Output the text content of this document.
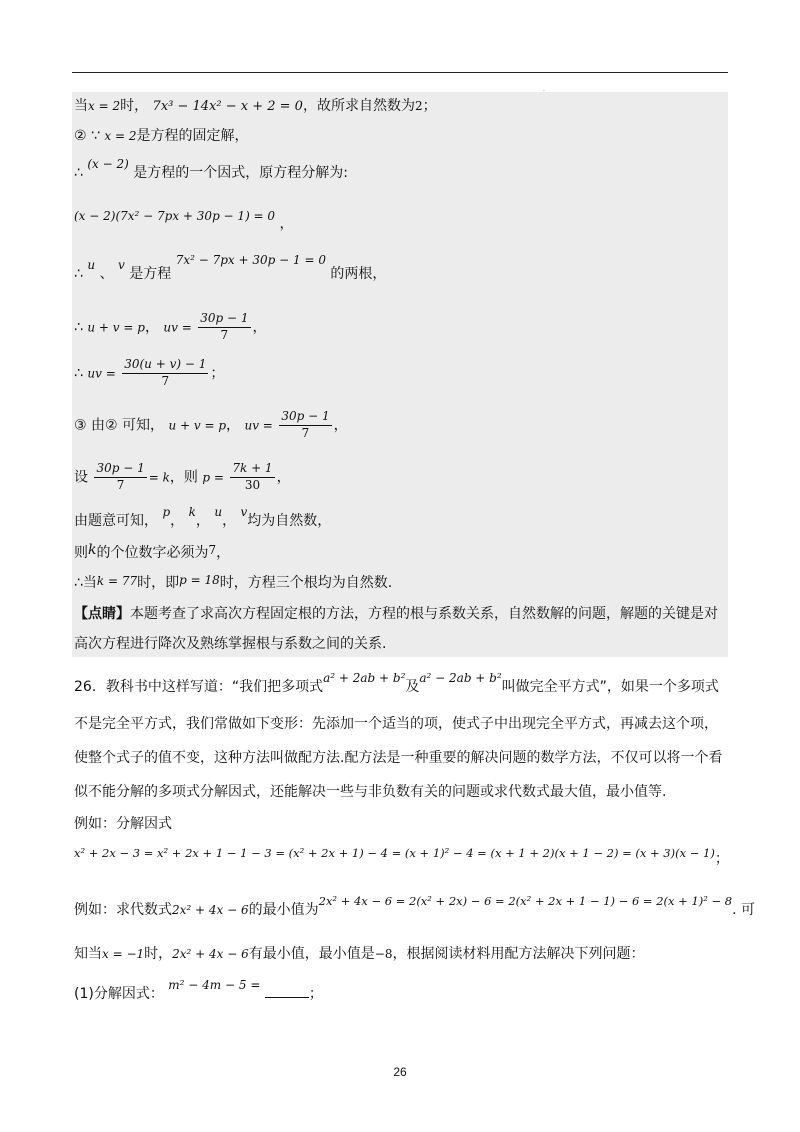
.
当x = 2时， 7x³ − 14x² − x + 2 = 0，故所求自然数为2；
② ∵ x = 2是方程的固定解，
∴ (x − 2) 是方程的一个因式，原方程分解为:
(x − 2)(7x² − 7px + 30p − 1) = 0 ，
∴ u 、 v 是方程 7x² − 7px + 30p − 1 = 0 的两根，
∴ u + v = p， uv = $\frac{30p - 1}{7}$ ，
∴ uv = $\frac{30(u + v) - 1}{7}$ ；
③ 由② 可知， u + v = p， uv = $\frac{30p - 1}{7}$ ，
设 $\frac{30p - 1}{7} = k$，则 $p = \frac{7k + 1}{30}$ ，
由题意可知， p， k， u， v均为自然数，
则k的个位数字必须为7，
∴当k = 77时，即p = 18时，方程三个根均为自然数.
【点睛】本题考查了求高次方程固定根的方法，方程的根与系数关系，自然数解的问题，解题的关键是对
高次方程进行降次及熟练掌握根与系数之间的关系.
26．教科书中这样写道：“我们把多项式a² + 2ab + b²及a² − 2ab + b²叫做完全平方式”，如果一个多项式
不是完全平方式，我们常做如下变形：先添加一个适当的项，使式子中出现完全平方式，再减去这个项，
使整个式子的值不变，这种方法叫做配方法.配方法是一种重要的解决问题的数学方法，不仅可以将一个看
似不能分解的多项式分解因式，还能解决一些与非负数有关的问题或求代数式最大值，最小值等.
例如：分解因式
x² + 2x − 3 = x² + 2x + 1 − 1 − 3 = (x² + 2x + 1) − 4 = (x + 1)² − 4 = (x + 1 + 2)(x + 1 − 2) = (x + 3)(x − 1)；
例如：求代数式2x² + 4x − 6的最小值为$^{2x^2 + 4x - 6 = 2(x^2 + 2x) - 6 = 2(x^2 + 2x + 1 - 1) - 6 = 2(x + 1)^2 - 8}$. 可
知当x = −1时，2x² + 4x − 6有最小值，最小值是−8，根据阅读材料用配方法解决下列问题：
(1)分解因式： m² − 4m − 5 = ；
26
